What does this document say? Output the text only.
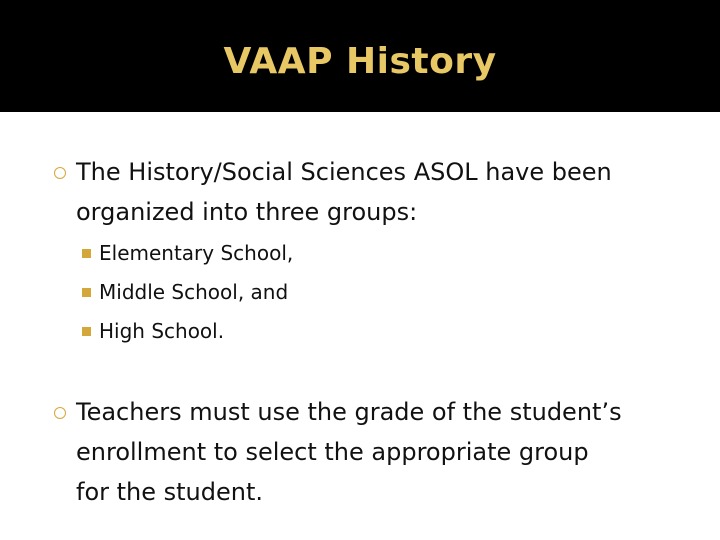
VAAP History
The History/Social Sciences ASOL have been
organized into three groups:
Elementary School,
Middle School, and
High School.
Teachers must use the grade of the student’s
enrollment to select the appropriate group
for the student.
